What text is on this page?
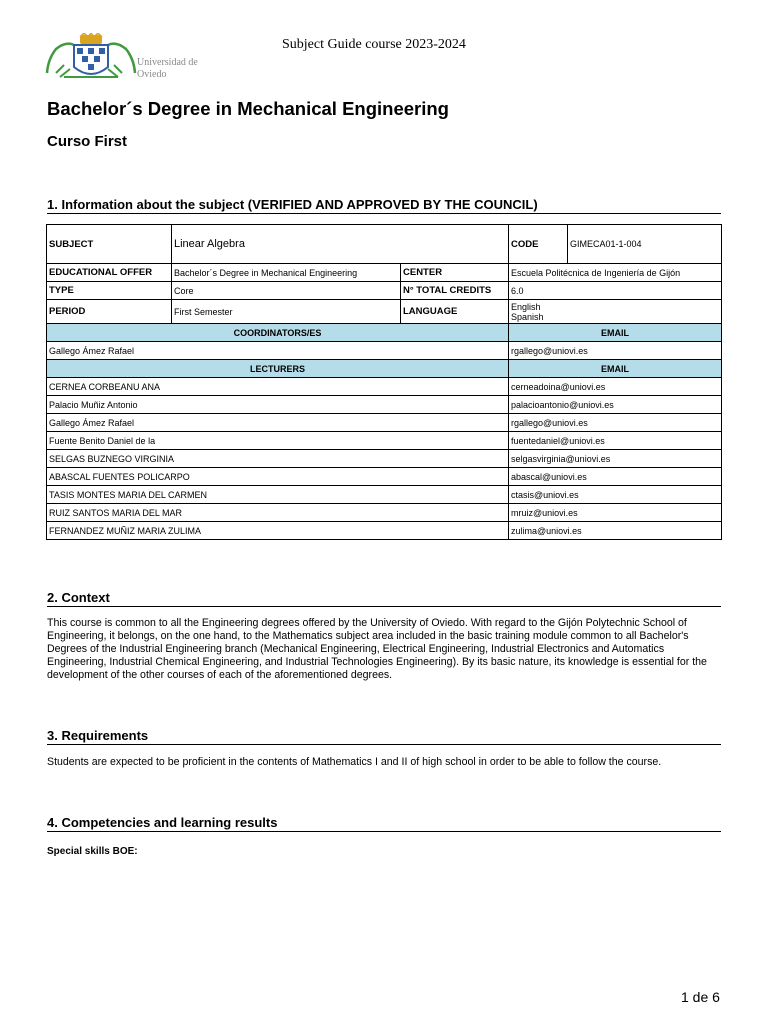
Universidad de
Oviedo
Subject Guide course 2023-2024
Bachelor´s Degree in Mechanical Engineering
Curso First
1. Information about the subject (VERIFIED AND APPROVED BY THE COUNCIL)
SUBJECT	Linear Algebra		CODE	GIMECA01-1-004
EDUCATIONAL OFFER	Bachelor´s Degree in Mechanical Engineering	CENTER	Escuela Politécnica de Ingeniería de Gijón	
TYPE	Core	N° TOTAL CREDITS	6.0	
PERIOD	First Semester	LANGUAGE	English
Spanish	

COORDINATORS/ES			EMAIL	
Gallego Ámez Rafael			rgallego@uniovi.es	
LECTURERS			EMAIL	
CERNEA CORBEANU ANA			cerneadoina@uniovi.es	
Palacio Muñiz Antonio			palacioantonio@uniovi.es	
Gallego Ámez Rafael			rgallego@uniovi.es	
Fuente Benito Daniel de la			fuentedaniel@uniovi.es	
SELGAS BUZNEGO VIRGINIA			selgasvirginia@uniovi.es	
ABASCAL FUENTES POLICARPO			abascal@uniovi.es	
TASIS MONTES MARIA DEL CARMEN			ctasis@uniovi.es	
RUIZ SANTOS MARIA DEL MAR			mruiz@uniovi.es	
FERNANDEZ MUÑIZ MARIA ZULIMA			zulima@uniovi.es	
2. Context
This course is common to all the Engineering degrees offered by the University of Oviedo. With regard to the Gijón Polytechnic School of Engineering, it belongs, on the one hand, to the Mathematics subject area included in the basic training module common to all Bachelor's Degrees of the Industrial Engineering branch (Mechanical Engineering, Electrical Engineering, Industrial Electronics and Automatics Engineering, Industrial Chemical Engineering, and Industrial Technologies Engineering). By its basic nature, its knowledge is essential for the development of the other courses of each of the aforementioned degrees.
3. Requirements
Students are expected to be proficient in the contents of Mathematics I and II of high school in order to be able to follow the course.
4. Competencies and learning results
Special skills BOE:
1 de 6
